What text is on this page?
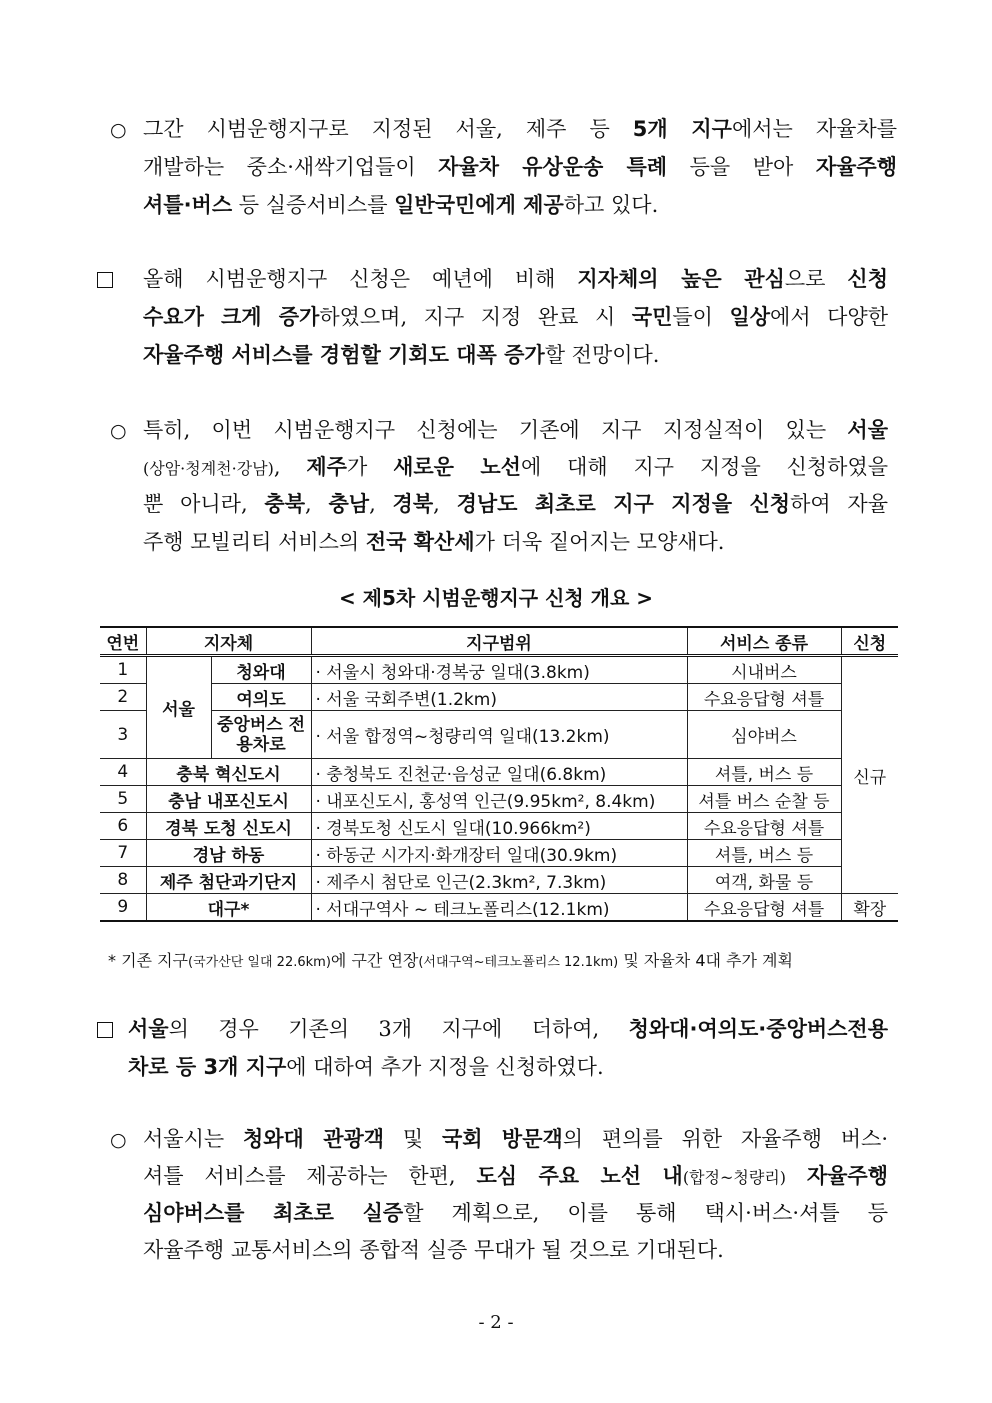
○ 그간 시범운행지구로 지정된 서울, 제주 등 5개 지구에서는 자율차를
개발하는 중소·새싹기업들이 자율차 유상운송 특례 등을 받아 자율주행
셔틀·버스 등 실증서비스를 일반국민에게 제공하고 있다.
올해 시범운행지구 신청은 예년에 비해 지자체의 높은 관심으로 신청
수요가 크게 증가하였으며, 지구 지정 완료 시 국민들이 일상에서 다양한
자율주행 서비스를 경험할 기회도 대폭 증가할 전망이다.
○ 특히, 이번 시범운행지구 신청에는 기존에 지구 지정실적이 있는 서울
(상암·청계천·강남), 제주가 새로운 노선에 대해 지구 지정을 신청하였을
뿐 아니라, 충북, 충남, 경북, 경남도 최초로 지구 지정을 신청하여 자율
주행 모빌리티 서비스의 전국 확산세가 더욱 짙어지는 모양새다.
< 제5차 시범운행지구 신청 개요 >
연번	지자체		지구범위	서비스 종류	신청
1	서울	청와대	· 서울시 청와대·경복궁 일대(3.8km)	시내버스	신규
2		여의도	· 서울 국회주변(1.2km)	수요응답형 셔틀	
3		중앙버스 전용차로	· 서울 합정역~청량리역 일대(13.2km)	심야버스	
4	충북 혁신도시		· 충청북도 진천군·음성군 일대(6.8km)	셔틀, 버스 등	
5	충남 내포신도시		· 내포신도시, 홍성역 인근(9.95km², 8.4km)	셔틀 버스 순찰 등	
6	경북 도청 신도시		· 경북도청 신도시 일대(10.966km²)	수요응답형 셔틀	
7	경남 하동		· 하동군 시가지·화개장터 일대(30.9km)	셔틀, 버스 등	
8	제주 첨단과기단지		· 제주시 첨단로 인근(2.3km², 7.3km)	여객, 화물 등	
9	대구*		· 서대구역사 ~ 테크노폴리스(12.1km)	수요응답형 셔틀	확장
* 기존 지구(국가산단 일대 22.6km)에 구간 연장(서대구역~테크노폴리스 12.1km) 및 자율차 4대 추가 계획
서울의 경우 기존의 3개 지구에 더하여, 청와대·여의도·중앙버스전용
차로 등 3개 지구에 대하여 추가 지정을 신청하였다.
○ 서울시는 청와대 관광객 및 국회 방문객의 편의를 위한 자율주행 버스·
셔틀 서비스를 제공하는 한편, 도심 주요 노선 내(합정~청량리) 자율주행
심야버스를 최초로 실증할 계획으로, 이를 통해 택시·버스·셔틀 등
자율주행 교통서비스의 종합적 실증 무대가 될 것으로 기대된다.
- 2 -
